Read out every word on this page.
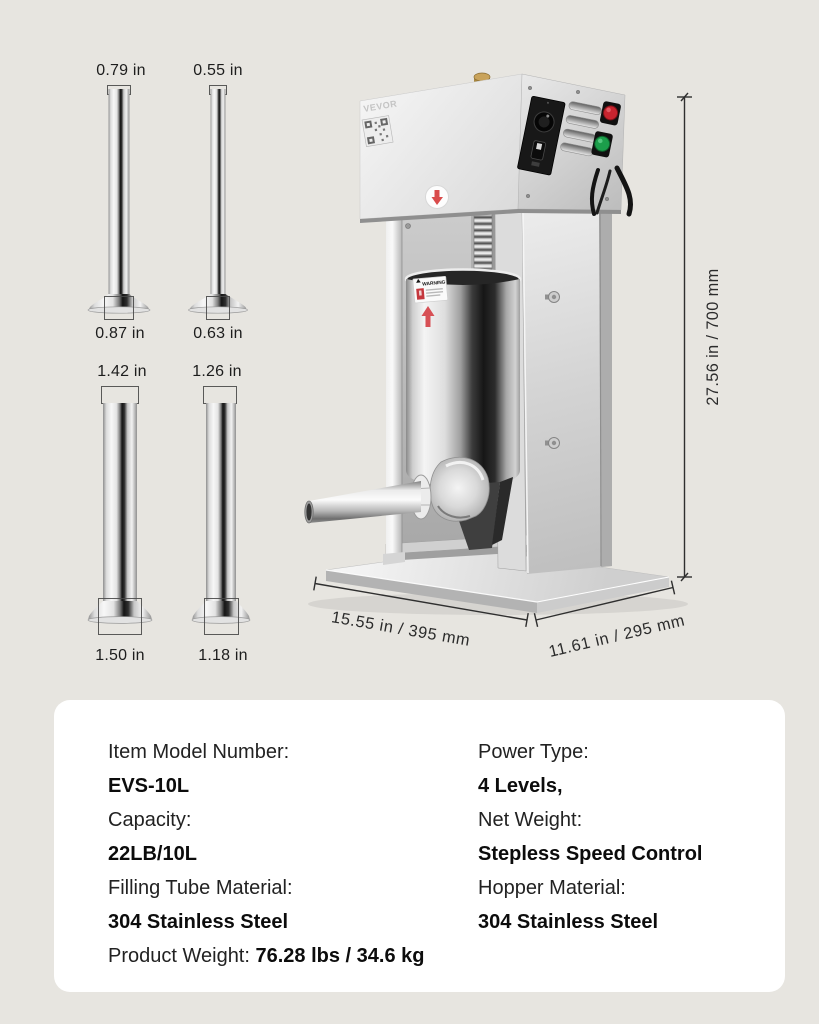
0.79 in	0.55 in
0.87 in	0.63 in
1.42 in	1.26 in
1.50 in	1.18 in
WARNING
VEVOR
27.56 in / 700 mm
15.55 in / 395 mm	11.61 in / 295 mm
Item Model Number:
EVS-10L
Capacity:
22LB/10L
Filling Tube Material:
304 Stainless Steel
Product Weight: 76.28 lbs / 34.6 kg
Power Type:
4 Levels,
Net Weight:
Stepless Speed Control
Hopper Material:
304 Stainless Steel
